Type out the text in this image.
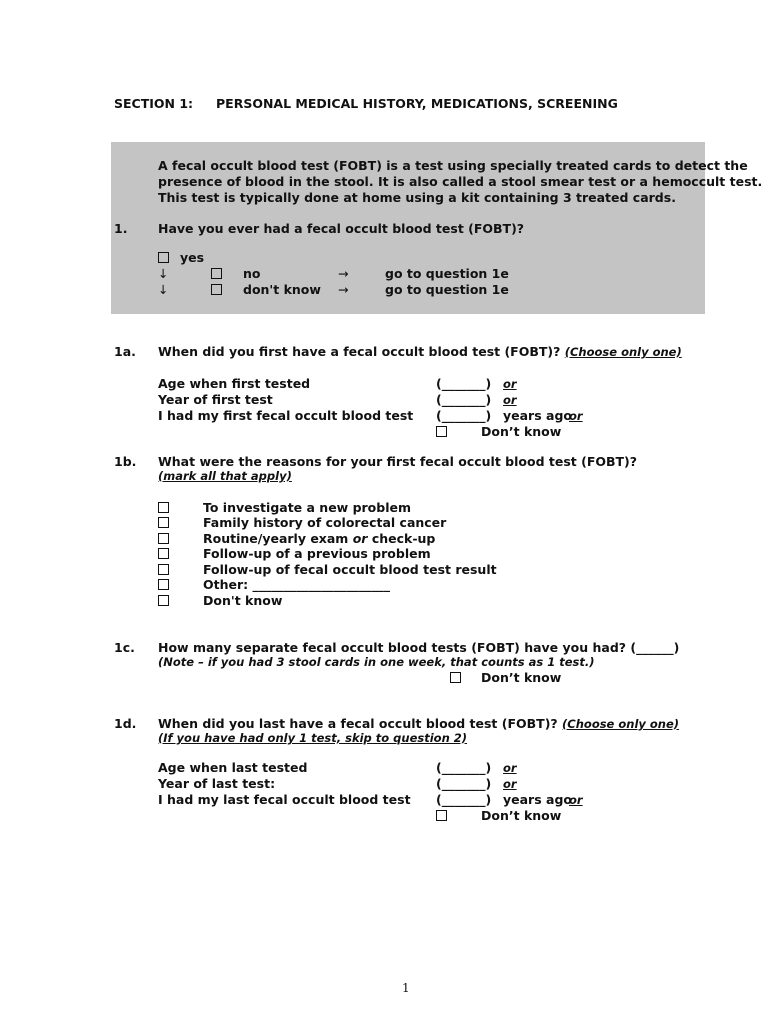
SECTION 1: PERSONAL MEDICAL HISTORY, MEDICATIONS, SCREENING
A fecal occult blood test (FOBT) is a test using specially treated cards to detect the
presence of blood in the stool. It is also called a stool smear test or a hemoccult test.
This test is typically done at home using a kit containing 3 treated cards.
1. Have you ever had a fecal occult blood test (FOBT)?
yes
↓	no	→	go to question 1e
↓	don't know →	go to question 1e
1a. When did you first have a fecal occult blood test (FOBT)? (Choose only one)
Age when first tested	(_______) or
Year of first test	(_______) or
I had my first fecal occult blood test (_______) years ago
or
Don’t know
1b. What were the reasons for your first fecal occult blood test (FOBT)?
(mark all that apply)
To investigate a new problem
Family history of colorectal cancer
Routine/yearly exam or check-up
Follow-up of a previous problem
Follow-up of fecal occult blood test result
Other: ______________________
Don't know
1c. How many separate fecal occult blood tests (FOBT) have you had? (______)
(Note – if you had 3 stool cards in one week, that counts as 1 test.)
Don’t know
1d. When did you last have a fecal occult blood test (FOBT)? (Choose only one)
(If you have had only 1 test, skip to question 2)
Age when last tested	(_______) or
Year of last test:	(_______) or
I had my last fecal occult blood test (_______) years ago
or
Don’t know
1
